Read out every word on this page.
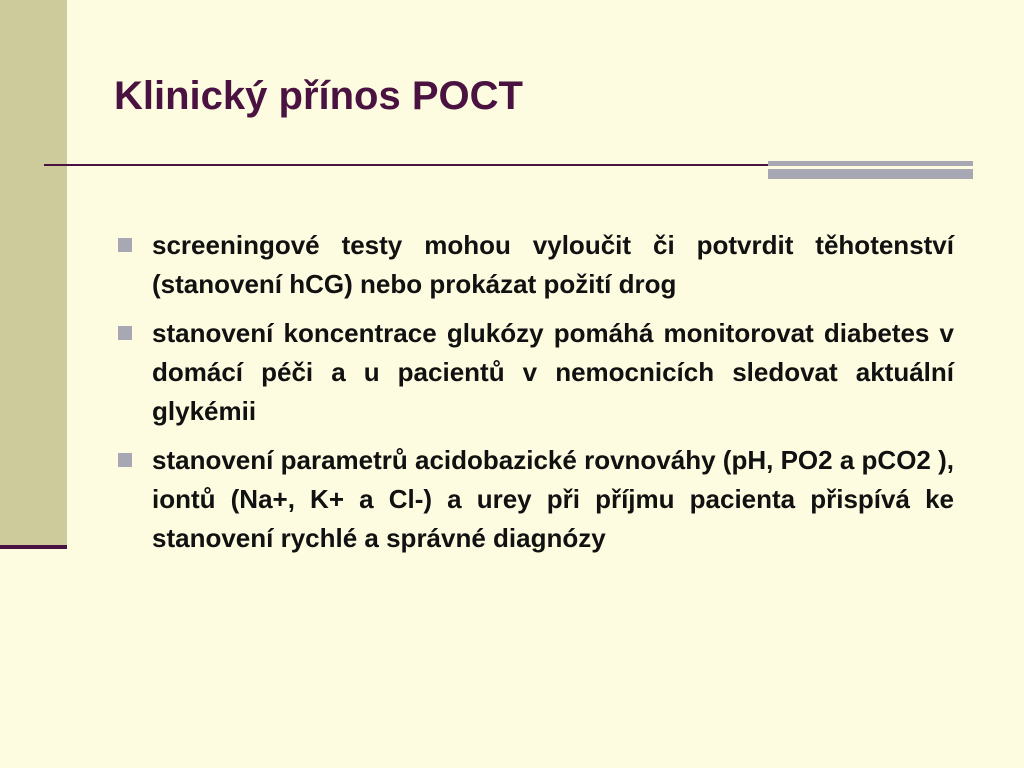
Klinický přínos POCT
screeningové testy mohou vyloučit či potvrdit těhotenství (stanovení hCG) nebo prokázat požití drog
stanovení koncentrace glukózy pomáhá monitorovat diabetes v domácí péči a u pacientů v nemocnicích sledovat aktuální glykémii
stanovení parametrů acidobazické rovnováhy (pH, PO2 a pCO2 ), iontů (Na+, K+ a Cl-) a urey při příjmu pacienta přispívá ke stanovení rychlé a správné diagnózy
